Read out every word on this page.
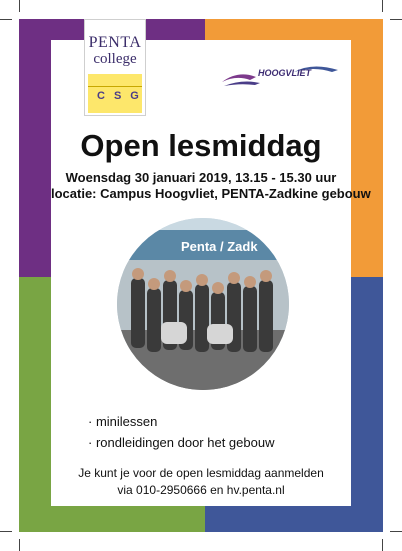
PENTA
college
CSG
HOOGVLIET
Open lesmiddag
Woensdag 30 januari 2019, 13.15 - 15.30 uur
locatie: Campus Hoogvliet, PENTA-Zadkine gebouw
Penta / Zadk
· minilessen
· rondleidingen door het gebouw
Je kunt je voor de open lesmiddag aanmelden
via 010-2950666 en hv.penta.nl
